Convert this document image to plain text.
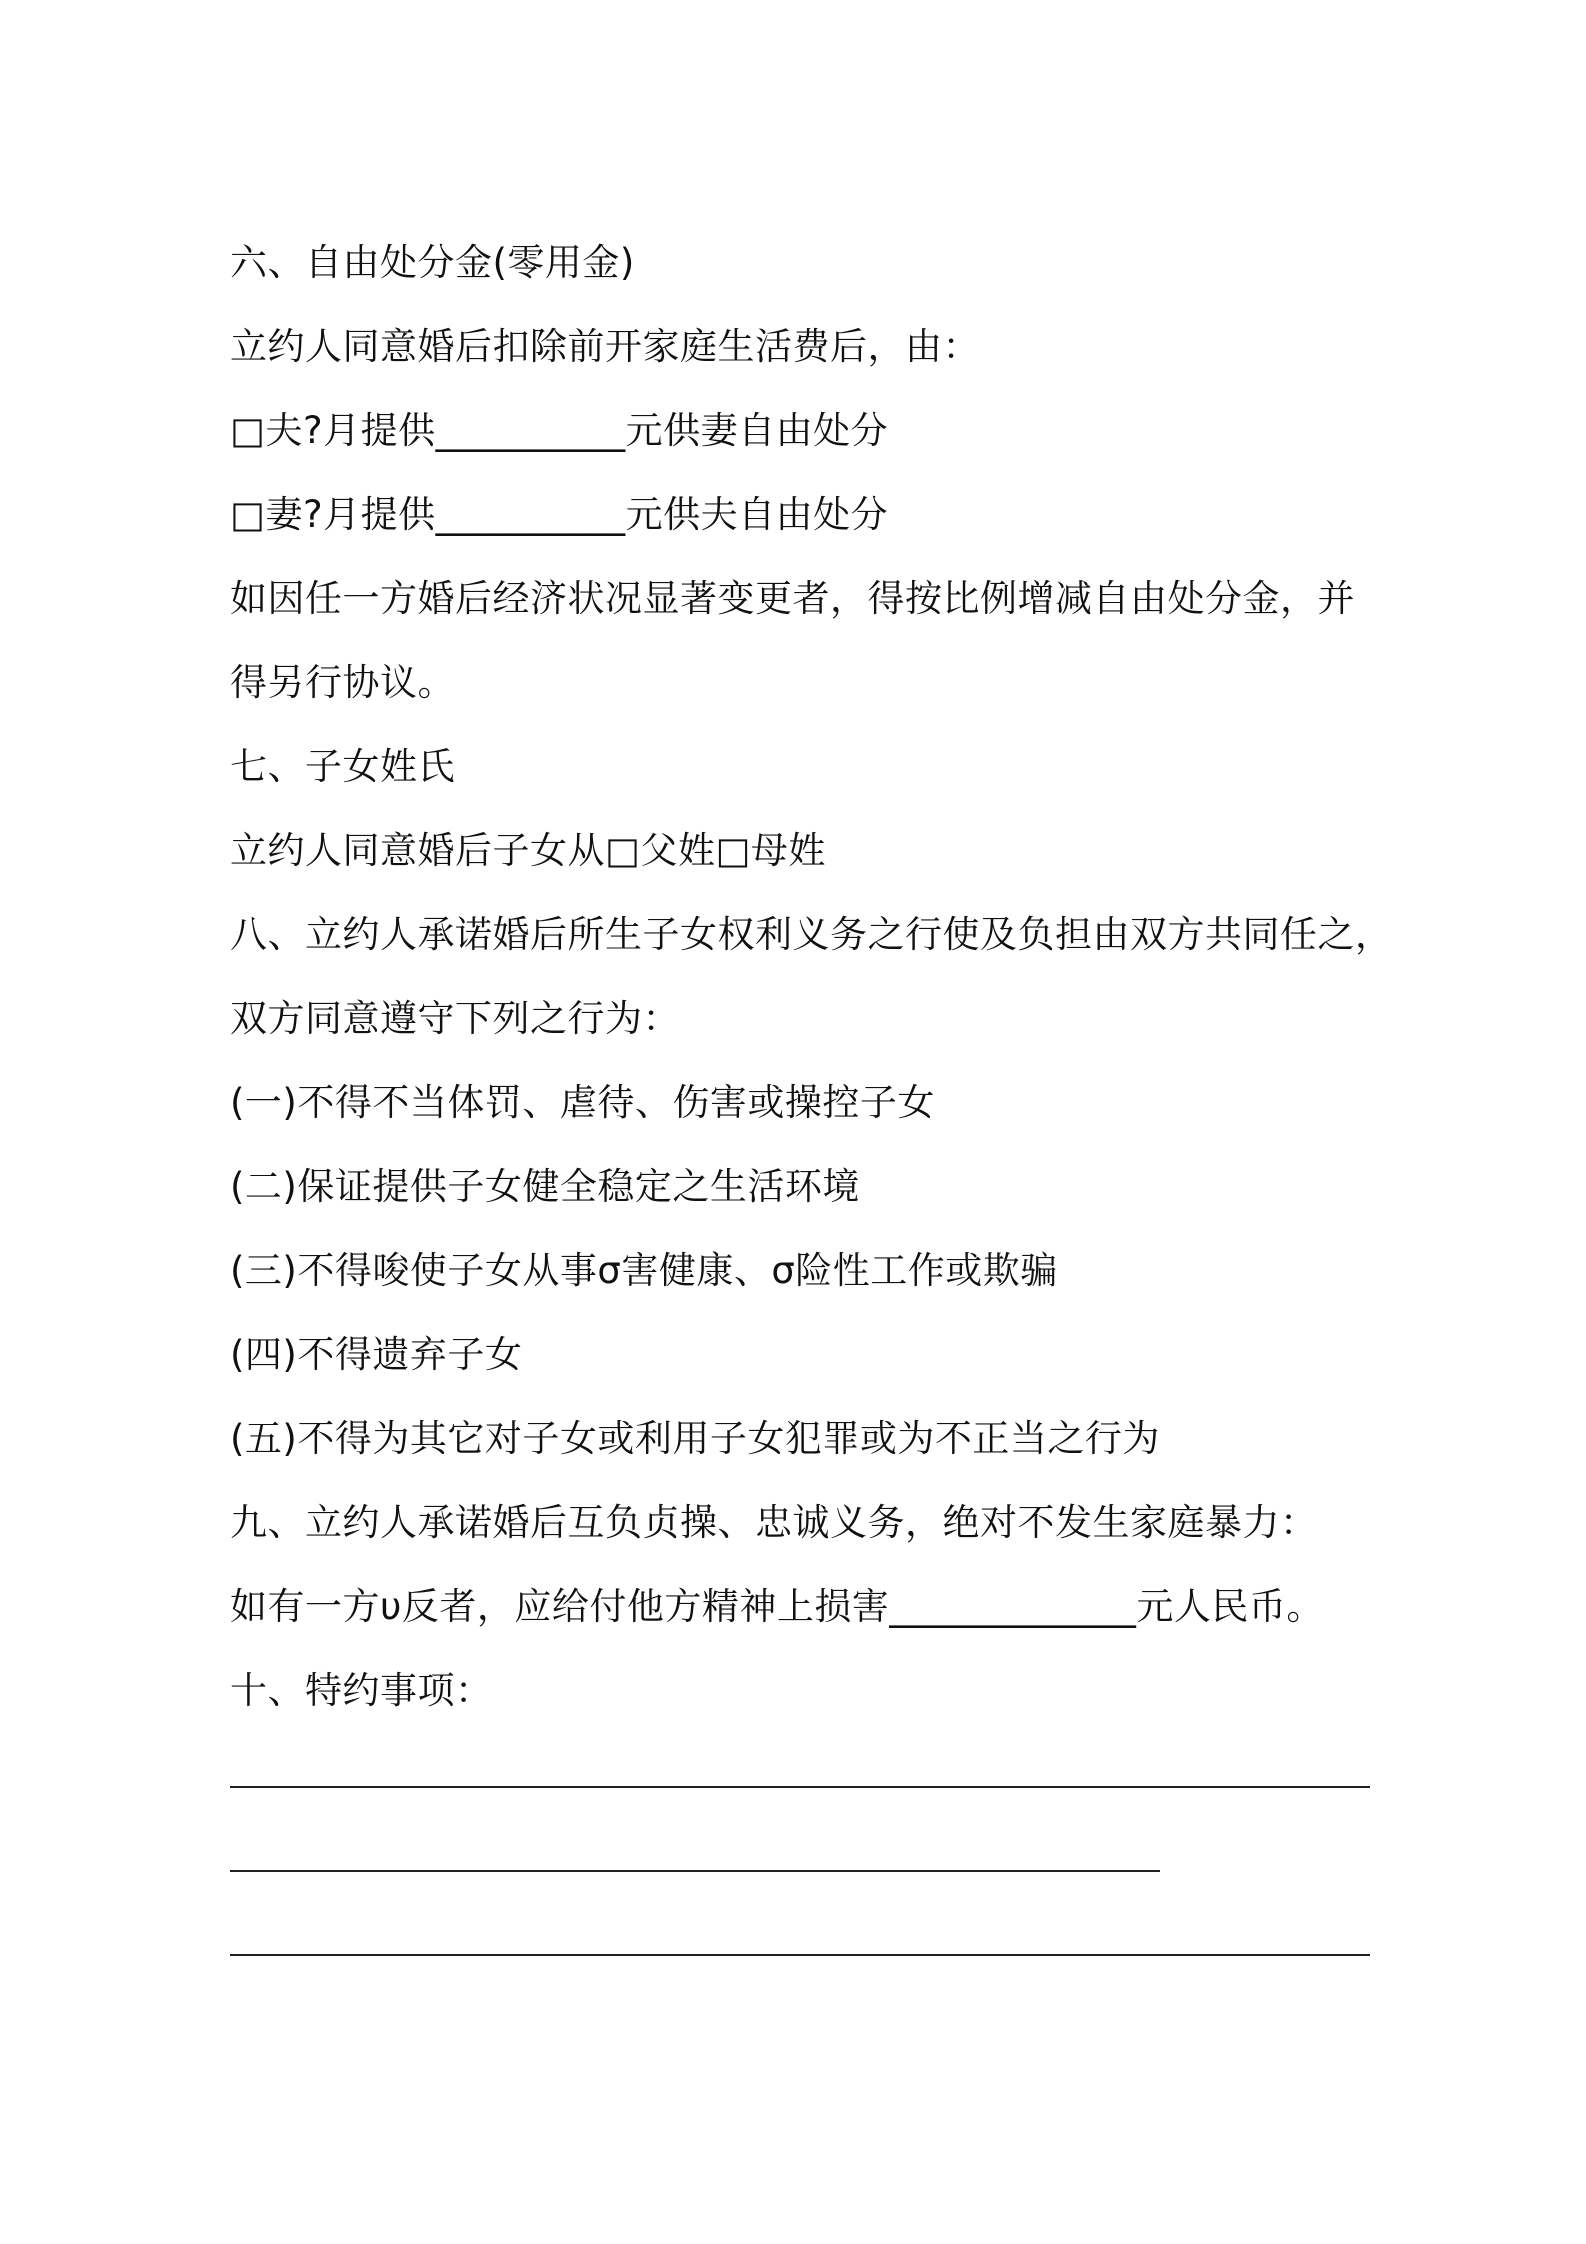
六、自由处分金(零用金)
立约人同意婚后扣除前开家庭生活费后，由：
□夫?月提供__________元供妻自由处分
□妻?月提供__________元供夫自由处分
如因任一方婚后经济状况显著变更者，得按比例增减自由处分金，并
得另行协议。
七、子女姓氏
立约人同意婚后子女从□父姓□母姓
八、立约人承诺婚后所生子女权利义务之行使及负担由双方共同任之，
双方同意遵守下列之行为：
(一)不得不当体罚、虐待、伤害或操控子女
(二)保证提供子女健全稳定之生活环境
(三)不得唆使子女从事σ害健康、σ险性工作或欺骗
(四)不得遗弃子女
(五)不得为其它对子女或利用子女犯罪或为不正当之行为
九、立约人承诺婚后互负贞操、忠诚义务，绝对不发生家庭暴力：
如有一方υ反者，应给付他方精神上损害_____________元人民币。
十、特约事项：
